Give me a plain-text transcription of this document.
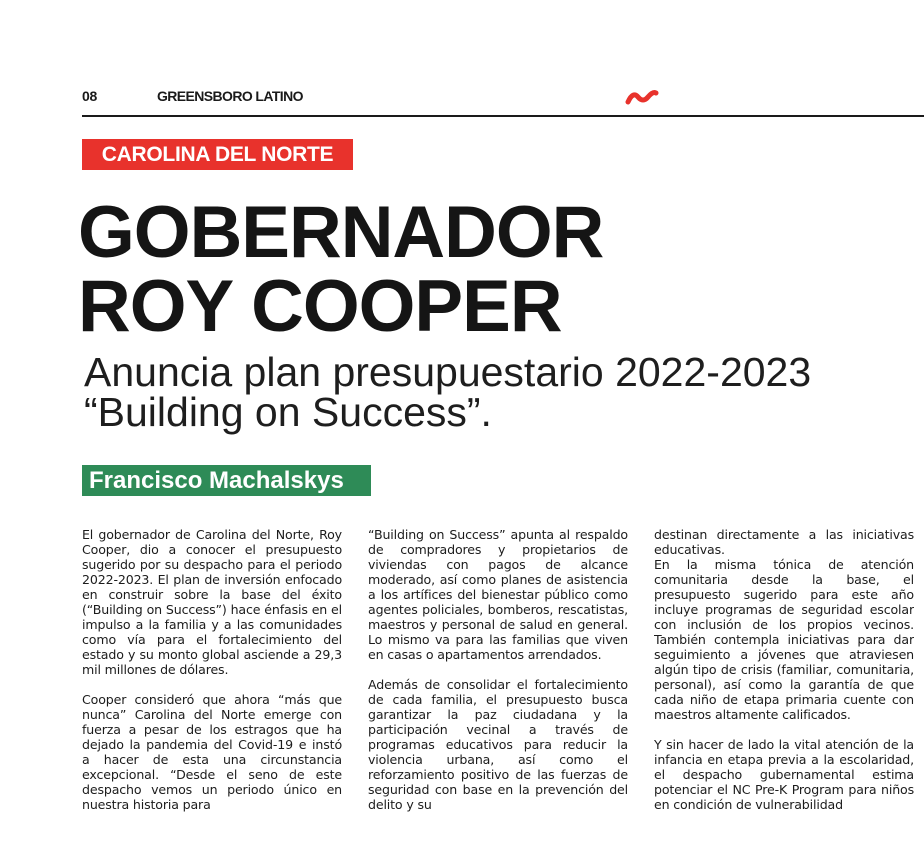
08	GREENSBORO LATINO
CAROLINA DEL NORTE
GOBERNADOR
ROY COOPER
Anuncia plan presupuestario 2022-2023
“Building on Success”.
Francisco Machalskys

El gobernador de Carolina del Norte, Roy Cooper, dio a conocer el presupuesto sugerido por su despacho para el periodo 2022-2023. El plan de inversión enfocado en construir sobre la base del éxito (“Building on Success”) hace énfasis en el impulso a la familia y a las comunidades como vía para el fortalecimiento del estado y su monto global asciende a 29,3 mil millones de dólares.

Cooper consideró que ahora “más que nunca” Carolina del Norte emerge con fuerza a pesar de los estragos que ha dejado la pandemia del Covid-19 e instó a hacer de esta una circunstancia excepcional. “Desde el seno de este despacho vemos un periodo único en nuestra historia para

“Building on Success” apunta al respaldo de compradores y propietarios de viviendas con pagos de alcance moderado, así como planes de asistencia a los artífices del bienestar público como agentes policiales, bomberos, rescatistas, maestros y personal de salud en general. Lo mismo va para las familias que viven en casas o apartamentos arrendados.

Además de consolidar el fortalecimiento de cada familia, el presupuesto busca garantizar la paz ciudadana y la participación vecinal a través de programas educativos para reducir la violencia urbana, así como el reforzamiento positivo de las fuerzas de seguridad con base en la prevención del delito y su

destinan directamente a las iniciativas educativas.

En la misma tónica de atención comunitaria desde la base, el presupuesto sugerido para este año incluye programas de seguridad escolar con inclusión de los propios vecinos. También contempla iniciativas para dar seguimiento a jóvenes que atraviesen algún tipo de crisis (familiar, comunitaria, personal), así como la garantía de que cada niño de etapa primaria cuente con maestros altamente calificados.

Y sin hacer de lado la vital atención de la infancia en etapa previa a la escolaridad, el despacho gubernamental estima potenciar el NC Pre-K Program para niños en condición de vulnerabilidad
